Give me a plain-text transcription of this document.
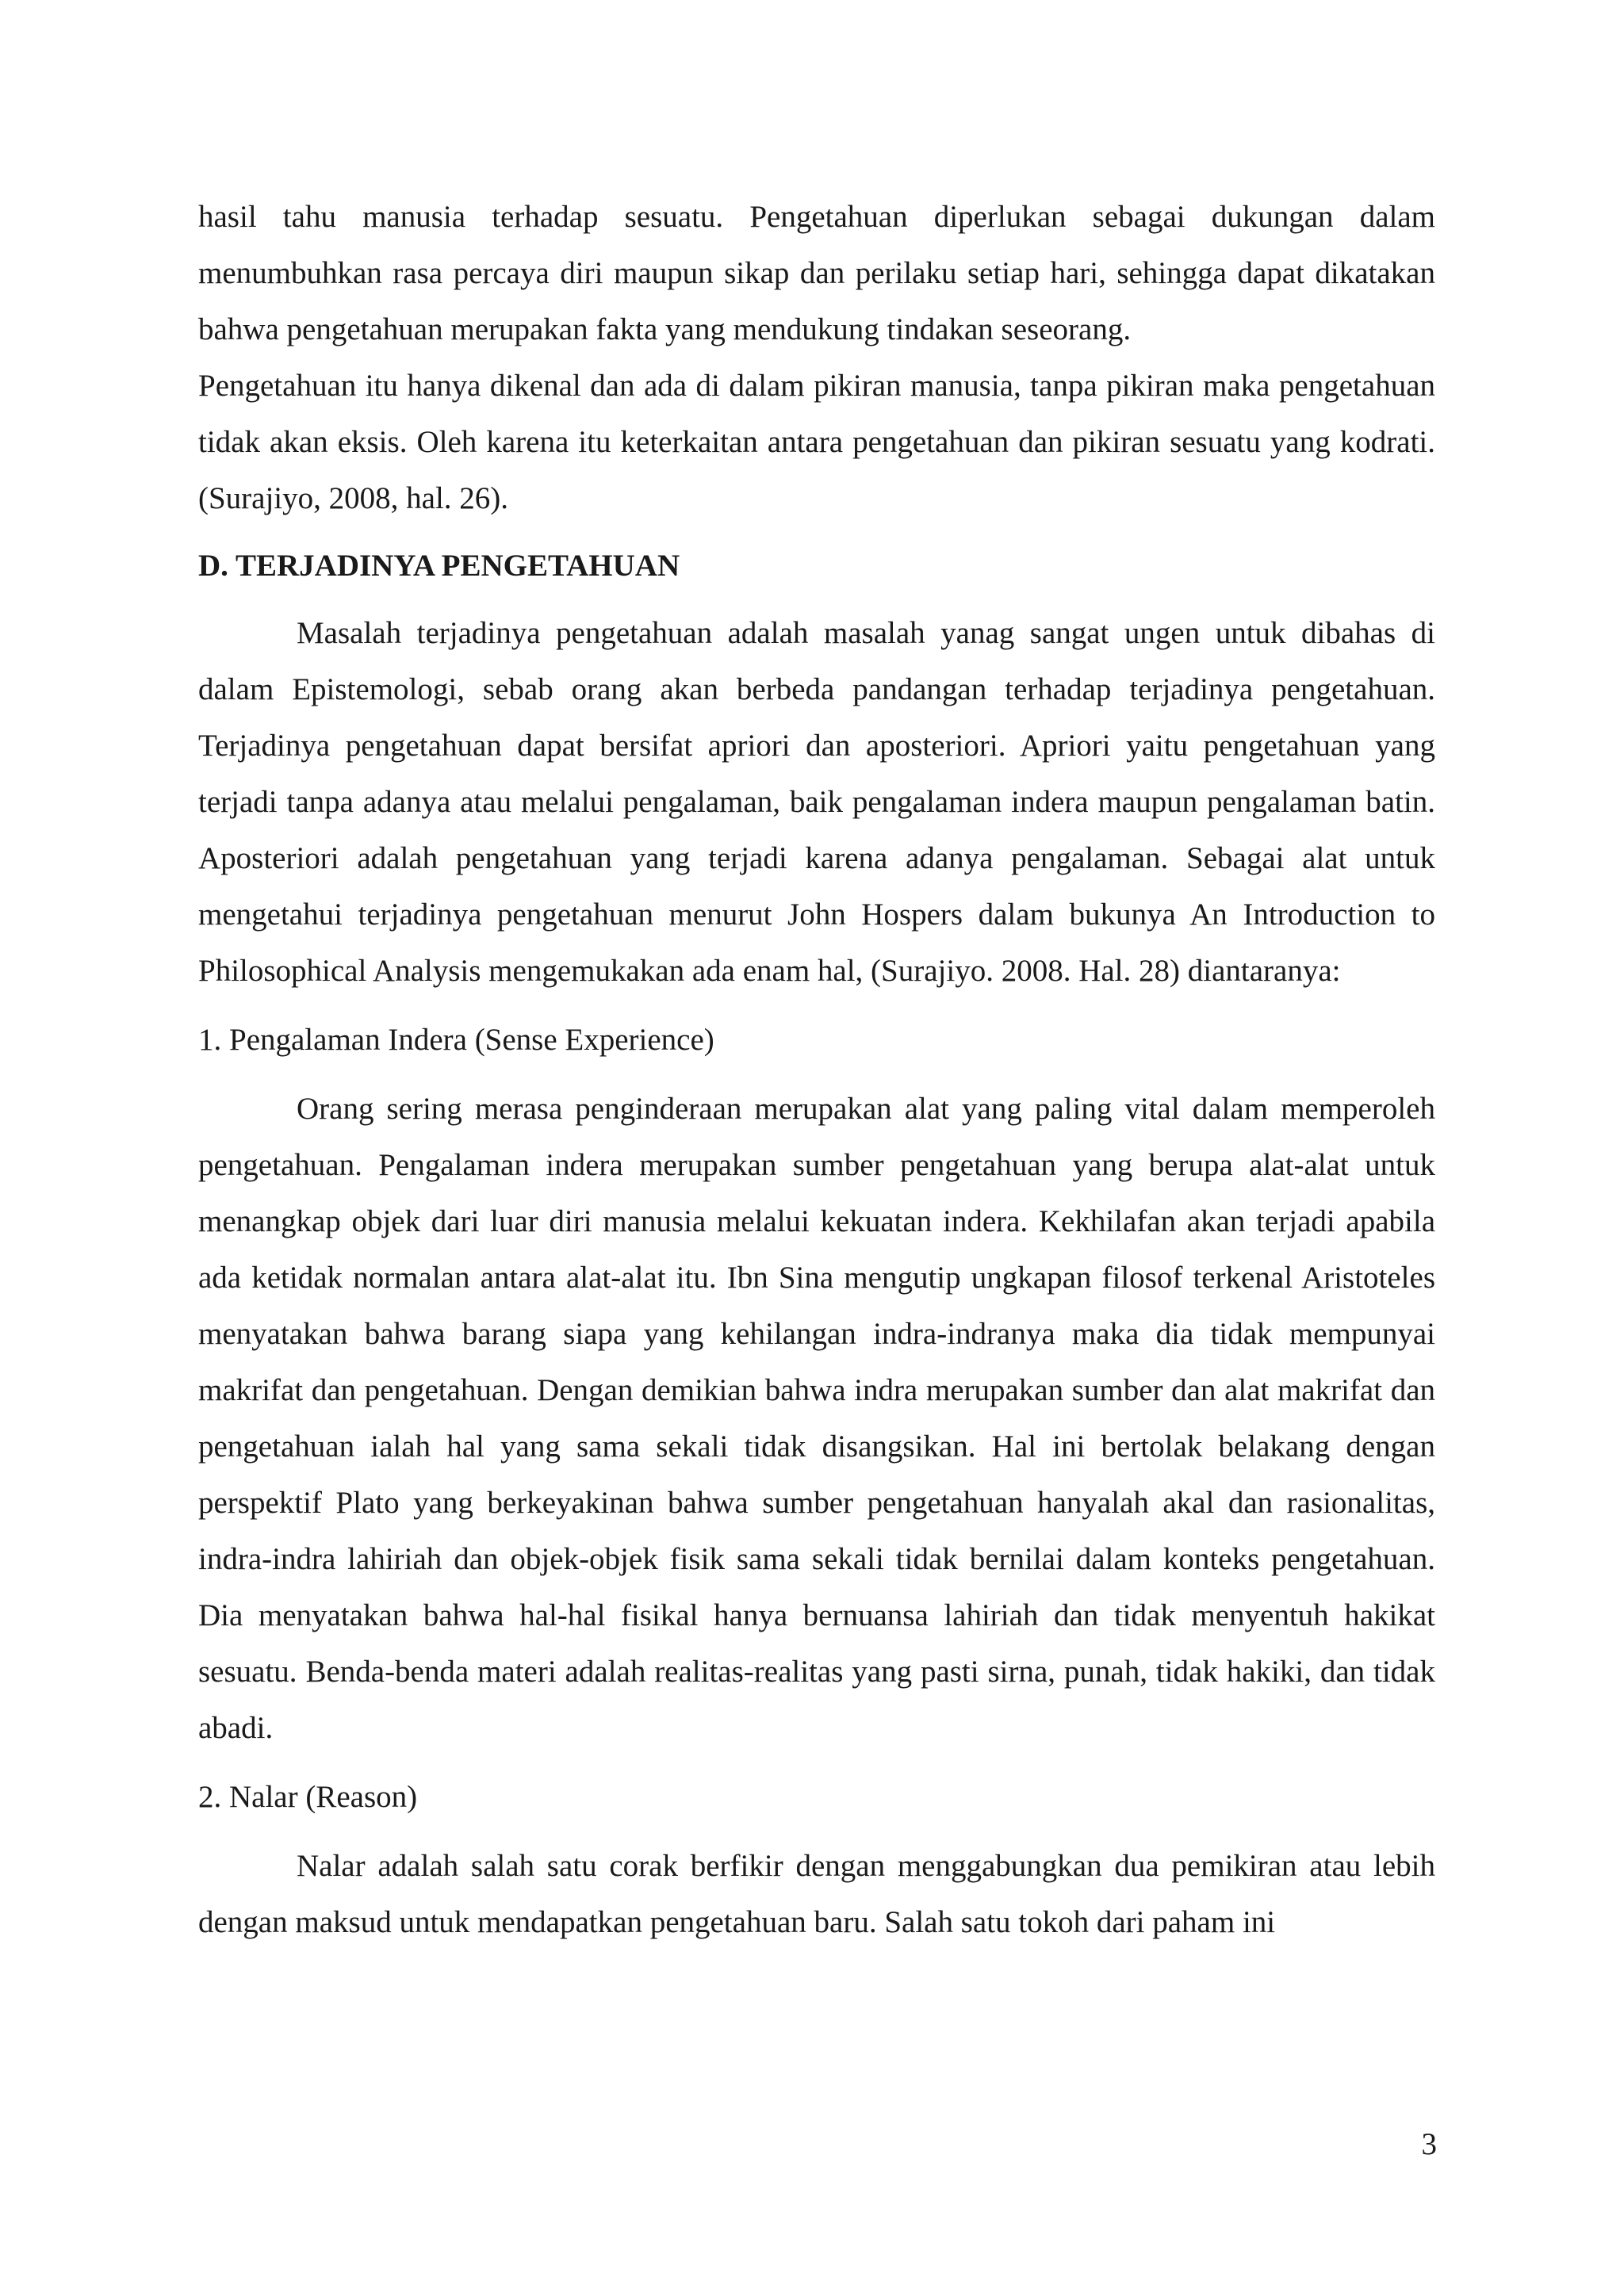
hasil tahu manusia terhadap sesuatu. Pengetahuan diperlukan sebagai dukungan dalam menumbuhkan rasa percaya diri maupun sikap dan perilaku setiap hari, sehingga dapat dikatakan bahwa pengetahuan merupakan fakta yang mendukung tindakan seseorang.

Pengetahuan itu hanya dikenal dan ada di dalam pikiran manusia, tanpa pikiran maka pengetahuan tidak akan eksis. Oleh karena itu keterkaitan antara pengetahuan dan pikiran sesuatu yang kodrati. (Surajiyo, 2008, hal. 26).

D. TERJADINYA PENGETAHUAN

Masalah terjadinya pengetahuan adalah masalah yanag sangat ungen untuk dibahas di dalam Epistemologi, sebab orang akan berbeda pandangan terhadap terjadinya pengetahuan. Terjadinya pengetahuan dapat bersifat apriori dan aposteriori. Apriori yaitu pengetahuan yang terjadi tanpa adanya atau melalui pengalaman, baik pengalaman indera maupun pengalaman batin. Aposteriori adalah pengetahuan yang terjadi karena adanya pengalaman. Sebagai alat untuk mengetahui terjadinya pengetahuan menurut John Hospers dalam bukunya An Introduction to Philosophical Analysis mengemukakan ada enam hal, (Surajiyo. 2008. Hal. 28) diantaranya:

1. Pengalaman Indera (Sense Experience)

Orang sering merasa penginderaan merupakan alat yang paling vital dalam memperoleh pengetahuan. Pengalaman indera merupakan sumber pengetahuan yang berupa alat-alat untuk menangkap objek dari luar diri manusia melalui kekuatan indera. Kekhilafan akan terjadi apabila ada ketidak normalan antara alat-alat itu. Ibn Sina mengutip ungkapan filosof terkenal Aristoteles menyatakan bahwa barang siapa yang kehilangan indra-indranya maka dia tidak mempunyai makrifat dan pengetahuan. Dengan demikian bahwa indra merupakan sumber dan alat makrifat dan pengetahuan ialah hal yang sama sekali tidak disangsikan. Hal ini bertolak belakang dengan perspektif Plato yang berkeyakinan bahwa sumber pengetahuan hanyalah akal dan rasionalitas, indra-indra lahiriah dan objek-objek fisik sama sekali tidak bernilai dalam konteks pengetahuan. Dia menyatakan bahwa hal-hal fisikal hanya bernuansa lahiriah dan tidak menyentuh hakikat sesuatu. Benda-benda materi adalah realitas-realitas yang pasti sirna, punah, tidak hakiki, dan tidak abadi.

2. Nalar (Reason)

Nalar adalah salah satu corak berfikir dengan menggabungkan dua pemikiran atau lebih dengan maksud untuk mendapatkan pengetahuan baru. Salah satu tokoh dari paham ini

3
